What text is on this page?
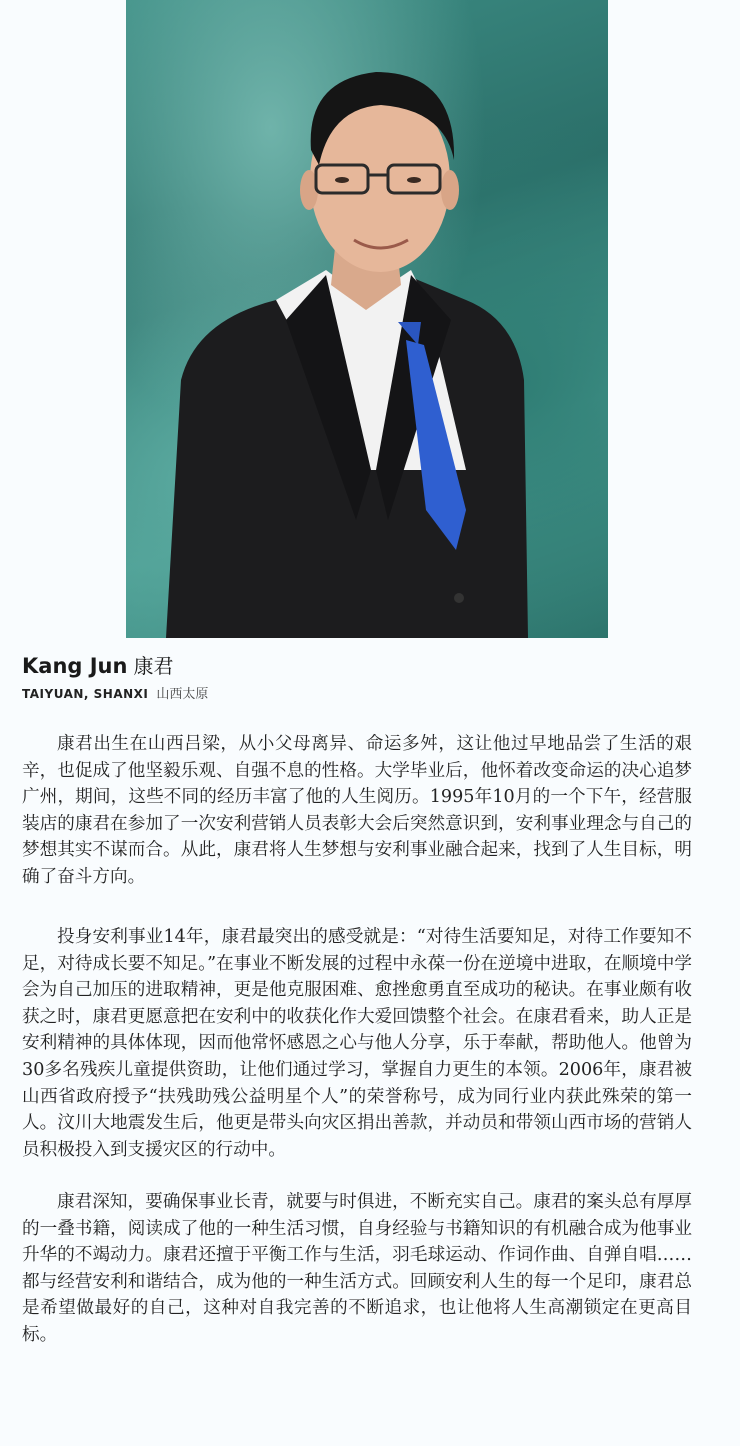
Kang Jun 康君
TAIYUAN, SHANXI 山西太原

康君出生在山西吕梁，从小父母离异、命运多舛，这让他过早地品尝了生活的艰辛，也促成了他坚毅乐观、自强不息的性格。大学毕业后，他怀着改变命运的决心追梦广州，期间，这些不同的经历丰富了他的人生阅历。1995年10月的一个下午，经营服装店的康君在参加了一次安利营销人员表彰大会后突然意识到，安利事业理念与自己的梦想其实不谋而合。从此，康君将人生梦想与安利事业融合起来，找到了人生目标，明确了奋斗方向。

投身安利事业14年，康君最突出的感受就是：“对待生活要知足，对待工作要知不足，对待成长要不知足。”在事业不断发展的过程中永葆一份在逆境中进取，在顺境中学会为自己加压的进取精神，更是他克服困难、愈挫愈勇直至成功的秘诀。在事业颇有收获之时，康君更愿意把在安利中的收获化作大爱回馈整个社会。在康君看来，助人正是安利精神的具体体现，因而他常怀感恩之心与他人分享，乐于奉献，帮助他人。他曾为30多名残疾儿童提供资助，让他们通过学习，掌握自力更生的本领。2006年，康君被山西省政府授予“扶残助残公益明星个人”的荣誉称号，成为同行业内获此殊荣的第一人。汶川大地震发生后，他更是带头向灾区捐出善款，并动员和带领山西市场的营销人员积极投入到支援灾区的行动中。

康君深知，要确保事业长青，就要与时俱进，不断充实自己。康君的案头总有厚厚的一叠书籍，阅读成了他的一种生活习惯，自身经验与书籍知识的有机融合成为他事业升华的不竭动力。康君还擅于平衡工作与生活，羽毛球运动、作词作曲、自弹自唱……都与经营安利和谐结合，成为他的一种生活方式。回顾安利人生的每一个足印，康君总是希望做最好的自己，这种对自我完善的不断追求，也让他将人生高潮锁定在更高目标。
